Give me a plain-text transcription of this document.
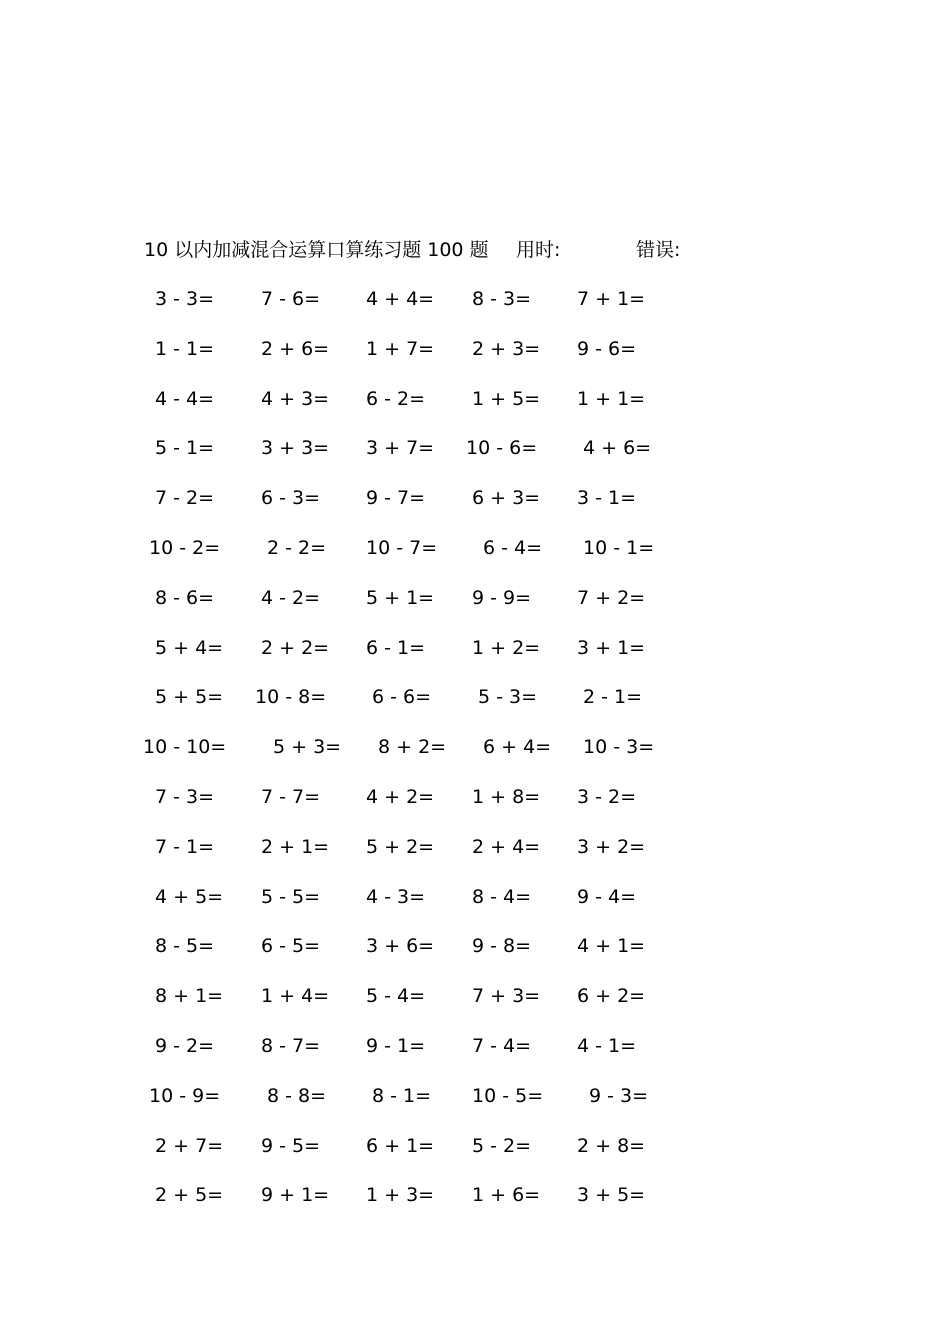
10 以内加减混合运算口算练习题 100 题 用时:	错误:
3 - 3= 7 - 6= 4 + 4= 8 - 3= 7 + 1=
1 - 1= 2 + 6= 1 + 7= 2 + 3= 9 - 6=
4 - 4= 4 + 3= 6 - 2= 1 + 5= 1 + 1=
5 - 1= 3 + 3= 3 + 7= 10 - 6= 4 + 6=
7 - 2= 6 - 3= 9 - 7= 6 + 3= 3 - 1=
10 - 2= 2 - 2= 10 - 7= 6 - 4= 10 - 1=
8 - 6= 4 - 2= 5 + 1= 9 - 9= 7 + 2=
5 + 4= 2 + 2= 6 - 1= 1 + 2= 3 + 1=
5 + 5= 10 - 8= 6 - 6= 5 - 3= 2 - 1=
10 - 10= 5 + 3= 8 + 2= 6 + 4= 10 - 3=
7 - 3= 7 - 7= 4 + 2= 1 + 8= 3 - 2=
7 - 1= 2 + 1= 5 + 2= 2 + 4= 3 + 2=
4 + 5= 5 - 5= 4 - 3= 8 - 4= 9 - 4=
8 - 5= 6 - 5= 3 + 6= 9 - 8= 4 + 1=
8 + 1= 1 + 4= 5 - 4= 7 + 3= 6 + 2=
9 - 2= 8 - 7= 9 - 1= 7 - 4= 4 - 1=
10 - 9= 8 - 8= 8 - 1= 10 - 5= 9 - 3=
2 + 7= 9 - 5= 6 + 1= 5 - 2= 2 + 8=
2 + 5= 9 + 1= 1 + 3= 1 + 6= 3 + 5=
